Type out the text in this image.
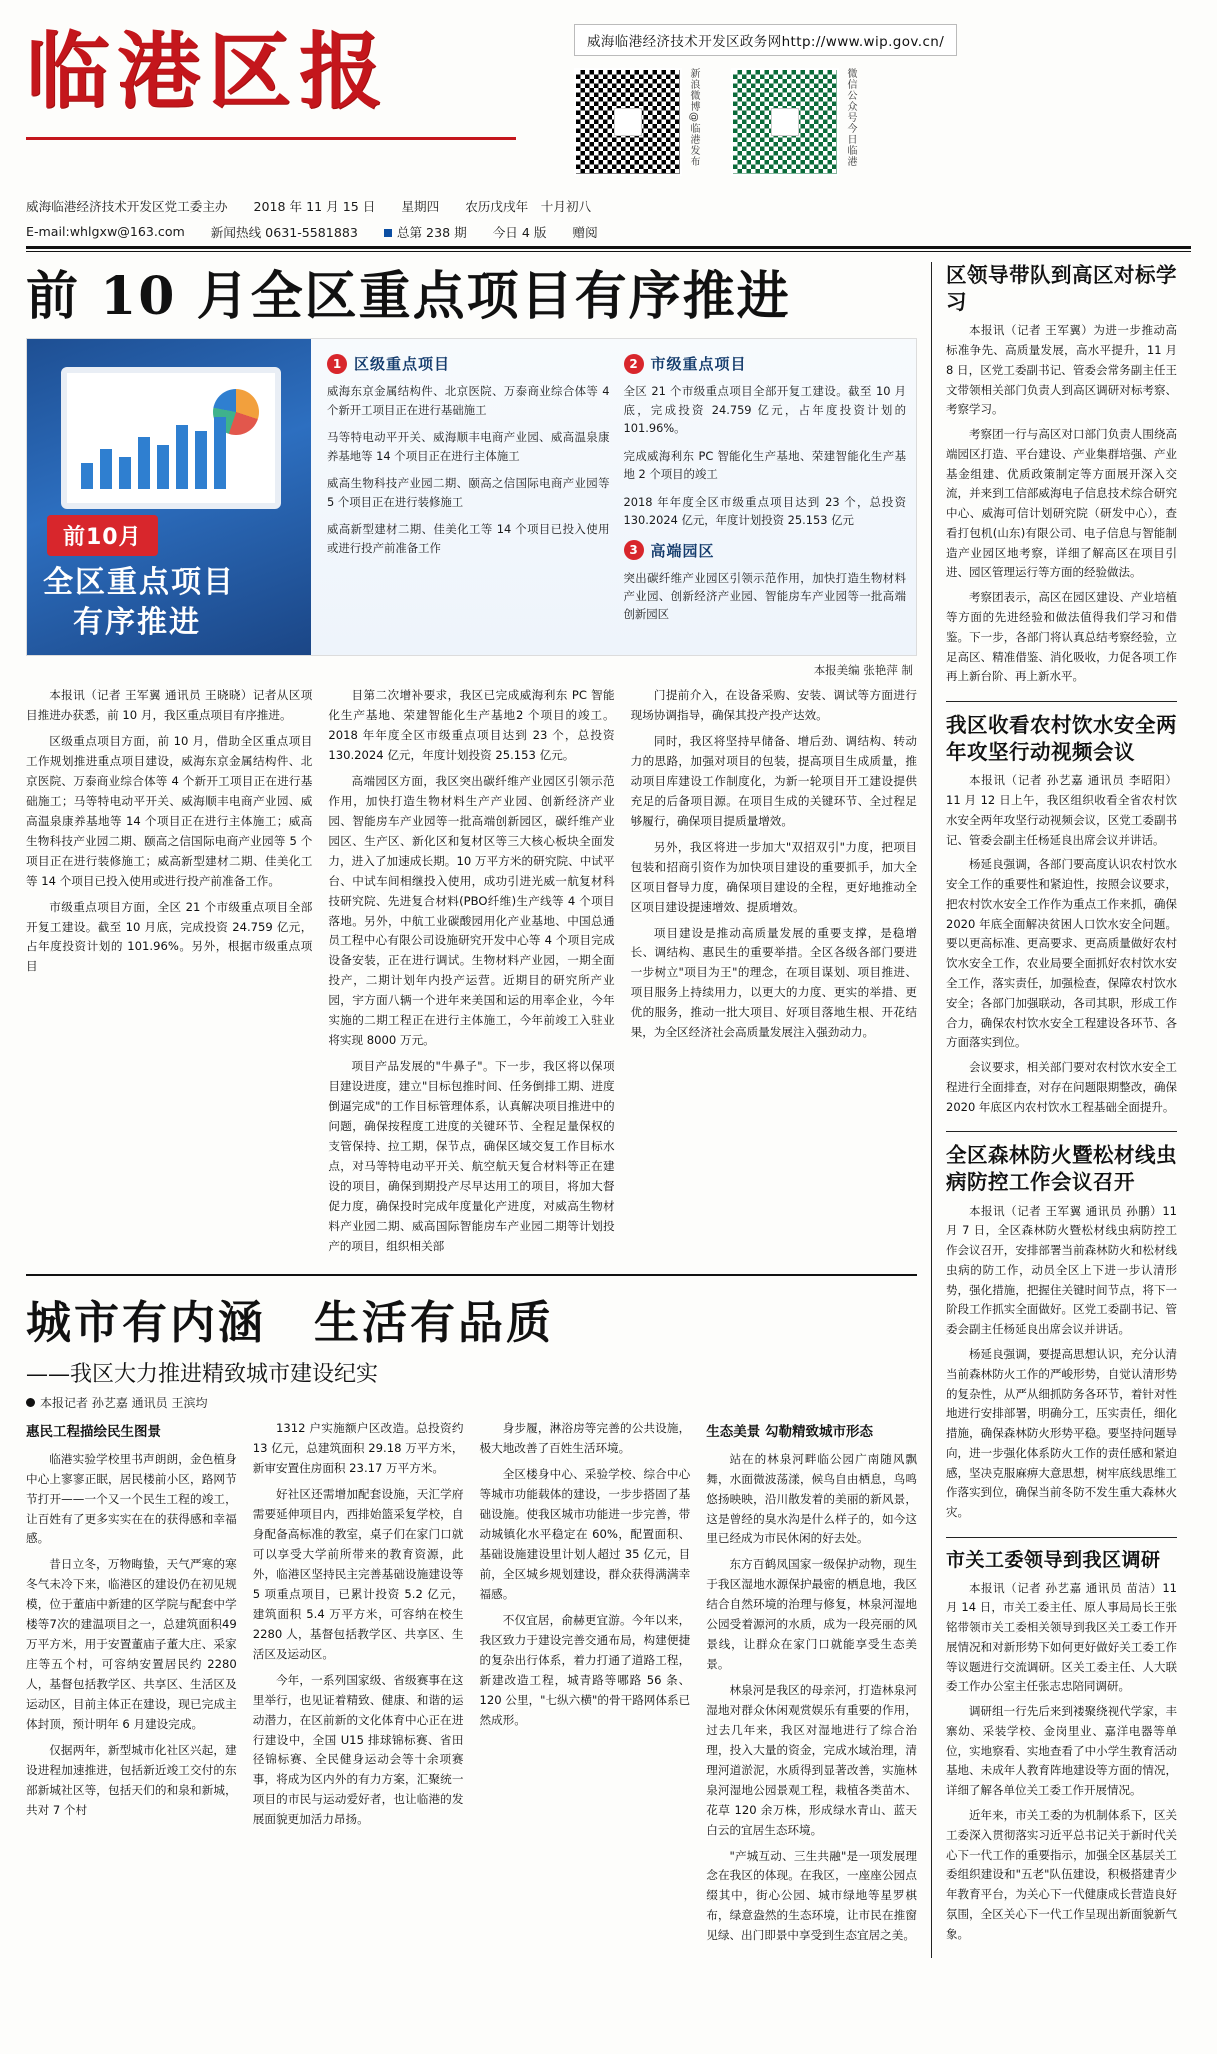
临港区报	威海临港经济技术开发区政务网http://www.wip.gov.cn/
新浪微博@临港发布	微信公众号今日临港
威海临港经济技术开发区党工委主办 2018 年 11 月 15 日 星期四 农历戊戌年　十月初八
E-mail:whlgxw@163.com 新闻热线 0631-5581883	总第 238 期 今日 4 版 赠阅
前 10 月全区重点项目有序推进
前10月
全区重点项目
有序推进
1 区级重点项目
威海东京金属结构件、北京医院、万泰商业综合体等 4 个新开工项目正在进行基础施工
马等特电动平开关、威海顺丰电商产业园、威高温泉康养基地等 14 个项目正在进行主体施工
威高生物科技产业园二期、颐高之信国际电商产业园等 5 个项目正在进行装修施工
威高新型建材二期、佳美化工等 14 个项目已投入使用或进行投产前准备工作
2 市级重点项目
全区 21 个市级重点项目全部开复工建设。截至 10 月底，完成投资 24.759 亿元，占年度投资计划的 101.96%。
完成威海利东 PC 智能化生产基地、荣建智能化生产基地 2 个项目的竣工
2018 年年度全区市级重点项目达到 23 个，总投资 130.2024 亿元，年度计划投资 25.153 亿元
3 高端园区
突出碳纤维产业园区引领示范作用，加快打造生物材料产业园、创新经济产业园、智能房车产业园等一批高端创新园区
本报美编 张艳萍 制

本报讯（记者 王军翼 通讯员 王晓晓）记者从区项目推进办获悉，前 10 月，我区重点项目有序推进。

区级重点项目方面，前 10 月，借助全区重点项目工作规划推进重点项目建设，威海东京金属结构件、北京医院、万泰商业综合体等 4 个新开工项目正在进行基础施工；马等特电动平开关、威海顺丰电商产业园、威高温泉康养基地等 14 个项目正在进行主体施工；威高生物科技产业园二期、颐高之信国际电商产业园等 5 个项目正在进行装修施工；威高新型建材二期、佳美化工等 14 个项目已投入使用或进行投产前准备工作。

市级重点项目方面，全区 21 个市级重点项目全部开复工建设。截至 10 月底，完成投资 24.759 亿元，占年度投资计划的 101.96%。另外，根据市级重点项目

目第二次增补要求，我区已完成威海利东 PC 智能化生产基地、荣建智能化生产基地2 个项目的竣工。2018 年年度全区市级重点项目达到 23 个，总投资 130.2024 亿元，年度计划投资 25.153 亿元。

高端园区方面，我区突出碳纤维产业园区引领示范作用，加快打造生物材料生产产业园、创新经济产业园、智能房车产业园等一批高端创新园区，碳纤维产业园区、生产区、新化区和复材区等三大核心板块全面发力，进入了加速成长期。10 万平方米的研究院、中试平台、中试车间相继投入使用，成功引进光威一航复材科技研究院、先进复合材料(PBO纤维)生产线等 4 个项目落地。另外，中航工业碳酸园用化产业基地、中国总通员工程中心有限公司设施研究开发中心等 4 个项目完成设备安装，正在进行调试。生物材料产业园，一期全面投产，二期计划年内投产运营。近期目的研究所产业园，宇方面八辆一个进年来美国和运的用率企业，今年实施的二期工程正在进行主体施工，今年前竣工入驻业将实现 8000 万元。

项目产品发展的"牛鼻子"。下一步，我区将以保项目建设进度，建立"目标包推时间、任务倒排工期、进度倒逼完成"的工作目标管理体系，认真解决项目推进中的问题，确保按程度工进度的关键环节、全程足量保权的支管保持、拉工期，保节点，确保区域交复工作目标水点，对马等特电动平开关、航空航天复合材料等正在建设的项目，确保到期投产尽早达用工的项目，将加大督促力度，确保投时完成年度量化产进度，对威高生物材料产业园二期、威高国际智能房车产业园二期等计划投产的项目，组织相关部

门提前介入，在设备采购、安装、调试等方面进行现场协调指导，确保其投产投产达效。

同时，我区将坚持早储备、增后劲、调结构、转动力的思路，加强对项目的包装，提高项目生成质量，推动项目库建设工作制度化，为新一轮项目开工建设提供充足的后备项目源。在项目生成的关键环节、全过程足够履行，确保项目提质量增效。

另外，我区将进一步加大"双招双引"力度，把项目包装和招商引资作为加快项目建设的重要抓手，加大全区项目督导力度，确保项目建设的全程，更好地推动全区项目建设提速增效、提质增效。

项目建设是推动高质量发展的重要支撑，是稳增长、调结构、惠民生的重要举措。全区各级各部门要进一步树立"项目为王"的理念，在项目谋划、项目推进、项目服务上持续用力，以更大的力度、更实的举措、更优的服务，推动一批大项目、好项目落地生根、开花结果，为全区经济社会高质量发展注入强劲动力。

城市有内涵　生活有品质
——我区大力推进精致城市建设纪实
本报记者 孙艺嘉 通讯员 王滨均
惠民工程描绘民生图景

临港实验学校里书声朗朗，金色植身中心上寥寥正眠，居民楼前小区，路网节节打开——一个又一个民生工程的竣工，让百姓有了更多实实在在的获得感和幸福感。

昔日立冬，万物晦蛰，天气严寒的寒冬气未冷下来，临港区的建设仍在初见规模，位于董庙中新建的区学院与配套中学楼等7次的建温项目之一，总建筑面积49万平方米，用于安置董庙子董大庄、采家庄等五个村，可容纳安置居民约 2280 人，基督包括教学区、共享区、生活区及运动区，目前主体正在建设，现已完成主体封顶，预计明年 6 月建设完成。

仅据两年，新型城市化社区兴起，建设进程加速推进，包括新近竣工交付的东部新城社区等，包括天们的和泉和新城，共对 7 个村

1312 户实施额户区改造。总投资约 13 亿元，总建筑面积 29.18 万平方米，新审安置住房面积 23.17 万平方米。

好社区还需增加配套设施，天汇学府需要延伸项目内，西排始篮采复学校，自身配备高标准的教室，桌子们在家门口就可以享受大学前所带来的教育资源，此外，临港区坚持民主完善基础设施建设等 5 项重点项目，已累计投资 5.2 亿元，建筑面积 5.4 万平方米，可容纳在校生 2280 人，基督包括教学区、共享区、生活区及运动区。

今年，一系列国家级、省级赛事在这里举行，也见证着精致、健康、和谐的运动潜力，在区前新的文化体育中心正在进行建设中，全国 U15 排球锦标赛、省田径锦标赛、全民健身运动会等十余项赛事，将成为区内外的有力方案，汇聚统一项目的市民与运动爱好者，也让临港的发展面貌更加活力昂扬。

身步履，淋浴房等完善的公共设施，极大地改善了百姓生活环境。

全区楼身中心、采验学校、综合中心等城市功能载体的建设，一步步搭固了基础设施。使我区城市功能进一步完善，带动城镇化水平稳定在 60%，配置面积、基础设施建设里计划人超过 35 亿元，目前，全区城乡规划建设，群众获得满满幸福感。

不仅宜居，俞赫更宜游。今年以来，我区致力于建设完善交通布局，构建便捷的复杂出行体系，着力打通了道路工程，新建改造工程，城青路等哪路 56 条、120 公里，"七纵六横"的骨干路网体系已然成形。

生态美景 勾勒精致城市形态

站在的林泉河畔临公园广南随风飘舞，水面微波荡漾，候鸟自由栖息，鸟鸣悠扬映映，沿川散发着的美丽的新风景，这是曾经的臭水沟是什么样子的，如今这里已经成为市民休闲的好去处。

东方百鹤凤国家一级保护动物，现生于我区湿地水源保护最密的栖息地，我区结合自然环境的治理与修复，林泉河湿地公园受着源河的水质，成为一段亮丽的风景线，让群众在家门口就能享受生态美景。

林泉河是我区的母亲河，打造林泉河湿地对群众休闲观赏娱乐有重要的作用，过去几年来，我区对湿地进行了综合治理，投入大量的资金，完成水域治理，清理河道淤泥，水质得到显著改善，实施林泉河湿地公园景观工程，栽植各类苗木、花草 120 余万株，形成绿水青山、蓝天白云的宜居生态环境。

"产城互动、三生共融"是一项发展理念在我区的体现。在我区，一座座公园点缀其中，街心公园、城市绿地等星罗棋布，绿意盎然的生态环境，让市民在推窗见绿、出门即景中享受到生态宜居之美。

区领导带队到高区对标学习

本报讯（记者 王军翼）为进一步推动高标准争先、高质量发展，高水平提升，11 月 8 日，区党工委副书记、管委会常务副主任王文带领相关部门负责人到高区调研对标考察、考察学习。

考察团一行与高区对口部门负责人围绕高端园区打造、平台建设、产业集群培强、产业基金组建、优质政策制定等方面展开深入交流，并来到工信部威海电子信息技术综合研究中心、威海可信计划研究院（研发中心），查看打包机(山东)有限公司、电子信息与智能制造产业园区地考察，详细了解高区在项目引进、园区管理运行等方面的经验做法。

考察团表示，高区在园区建设、产业培植等方面的先进经验和做法值得我们学习和借鉴。下一步，各部门将认真总结考察经验，立足高区、精准借鉴、消化吸收，力促各项工作再上新台阶、再上新水平。

我区收看农村饮水安全两年攻坚行动视频会议

本报讯（记者 孙艺嘉 通讯员 李昭阳）11 月 12 日上午，我区组织收看全省农村饮水安全两年攻坚行动视频会议，区党工委副书记、管委会副主任杨延良出席会议并讲话。

杨延良强调，各部门要高度认识农村饮水安全工作的重要性和紧迫性，按照会议要求，把农村饮水安全工作作为重点工作来抓，确保 2020 年底全面解决贫困人口饮水安全问题。要以更高标准、更高要求、更高质量做好农村饮水安全工作，农业局要全面抓好农村饮水安全工作，落实责任，加强检查，保障农村饮水安全；各部门加强联动，各司其职，形成工作合力，确保农村饮水安全工程建设各环节、各方面落实到位。

会议要求，相关部门要对农村饮水安全工程进行全面排查，对存在问题限期整改，确保 2020 年底区内农村饮水工程基础全面提升。

全区森林防火暨松材线虫病防控工作会议召开

本报讯（记者 王军翼 通讯员 孙鹏）11 月 7 日，全区森林防火暨松材线虫病防控工作会议召开，安排部署当前森林防火和松材线虫病的防工作，动员全区上下进一步认清形势，强化措施，把握住关键时间节点，将下一阶段工作抓实全面做好。区党工委副书记、管委会副主任杨延良出席会议并讲话。

杨延良强调，要提高思想认识，充分认清当前森林防火工作的严峻形势，自觉认清形势的复杂性，从严从细抓防务各环节，着针对性地进行安排部署，明确分工，压实责任，细化措施，确保森林防火形势平稳。要坚持问题导向，进一步强化体系防火工作的责任感和紧迫感，坚决克服麻痹大意思想，树牢底线思维工作落实到位，确保当前冬防不发生重大森林火灾。

市关工委领导到我区调研

本报讯（记者 孙艺嘉 通讯员 苗洁）11 月 14 日，市关工委主任、原人事局局长王张铭带领市关工委相关领导到我区关工委工作开展情况和对新形势下如何更好做好关工委工作等议题进行交流调研。区关工委主任、人大联委工作办公室主任张志忠陪同调研。

调研组一行先后来到褛聚绕视代学家，丰寨幼、采装学校、金岗里业、嘉洋电器等单位，实地察看、实地查看了中小学生教育活动基地、未成年人教育阵地建设等方面的情况，详细了解各单位关工委工作开展情况。

近年来，市关工委的为机制体系下，区关工委深入贯彻落实习近平总书记关于新时代关心下一代工作的重要指示，加强全区基层关工委组织建设和"五老"队伍建设，积极搭建青少年教育平台，为关心下一代健康成长营造良好氛围，全区关心下一代工作呈现出新面貌新气象。
